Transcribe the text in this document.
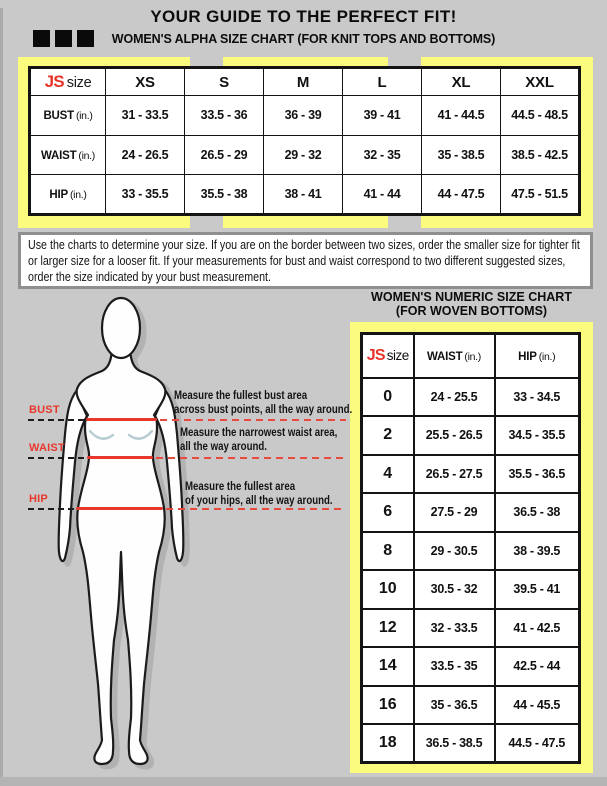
YOUR GUIDE TO THE PERFECT FIT!
WOMEN'S ALPHA SIZE CHART (FOR KNIT TOPS AND BOTTOMS)
JS size	XS	S	M	L	XL	XXL
BUST (in.)	31 - 33.5	33.5 - 36	36 - 39	39 - 41	41 - 44.5	44.5 - 48.5
WAIST (in.)	24 - 26.5	26.5 - 29	29 - 32	32 - 35	35 - 38.5	38.5 - 42.5
HIP (in.)	33 - 35.5	35.5 - 38	38 - 41	41 - 44	44 - 47.5	47.5 - 51.5

Use the charts to determine your size. If you are on the border between two sizes, order the smaller size for tighter fit or larger size for a looser fit. If your measurements for bust and waist correspond to two different suggested sizes, order the size indicated by your bust measurement.

BUST
WAIST
HIP
Measure the fullest bust area
across bust points, all the way around.
Measure the narrowest waist area,
all the way around.
Measure the fullest area
of your hips, all the way around.
WOMEN'S NUMERIC SIZE CHART
(FOR WOVEN BOTTOMS)
JS size	WAIST (in.)	HIP (in.)
0	24 - 25.5	33 - 34.5
2	25.5 - 26.5	34.5 - 35.5
4	26.5 - 27.5	35.5 - 36.5
6	27.5 - 29	36.5 - 38
8	29 - 30.5	38 - 39.5
10	30.5 - 32	39.5 - 41
12	32 - 33.5	41 - 42.5
14	33.5 - 35	42.5 - 44
16	35 - 36.5	44 - 45.5
18	36.5 - 38.5	44.5 - 47.5
